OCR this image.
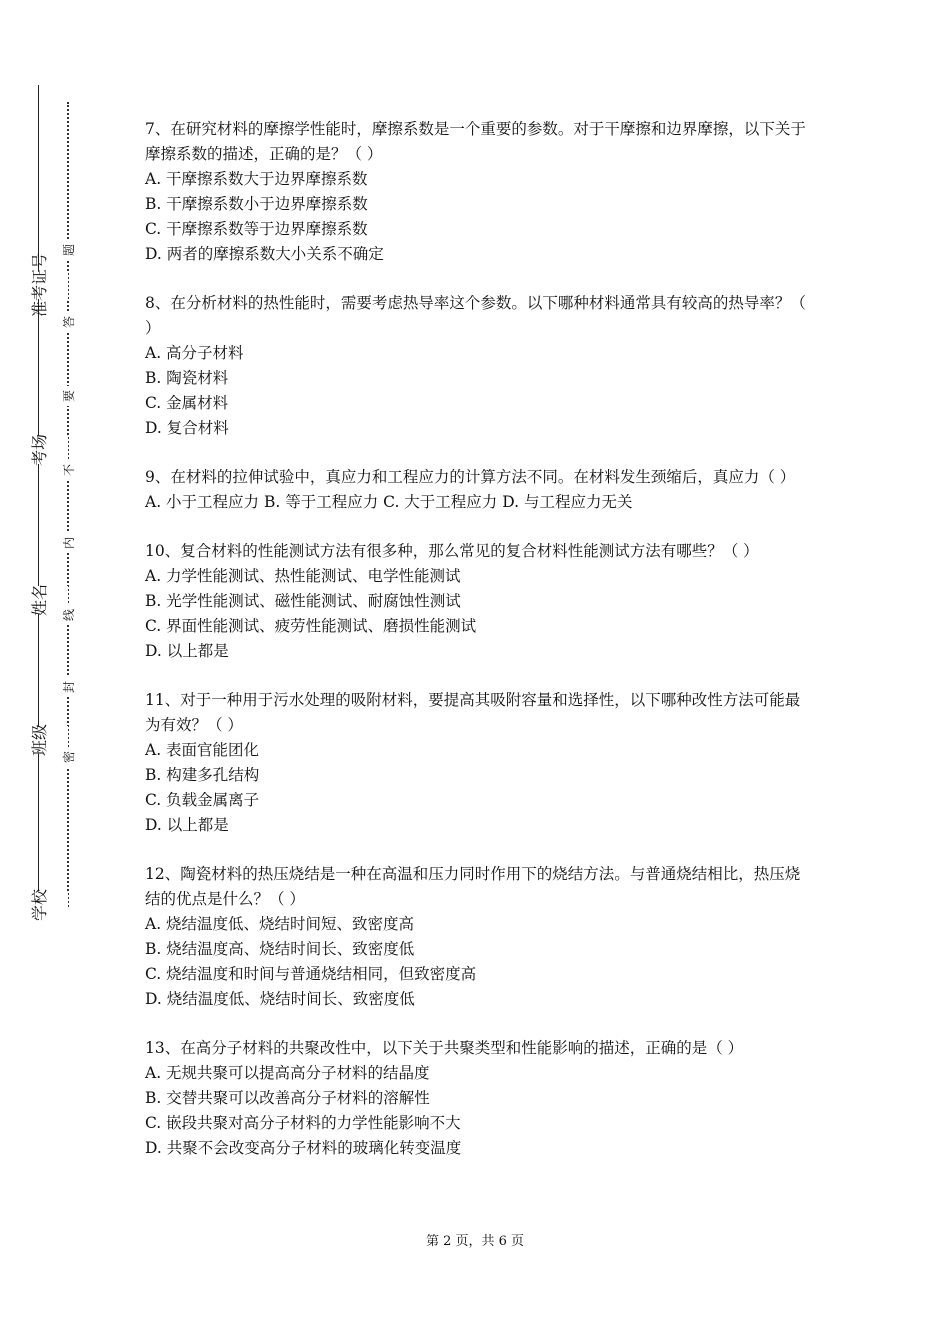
准考证号
考场
姓名
班级
学校
题
答
要
不
内
线
封
密

7、在研究材料的摩擦学性能时，摩擦系数是一个重要的参数。对于干摩擦和边界摩擦，以下关于摩擦系数的描述，正确的是？（ ）

A. 干摩擦系数大于边界摩擦系数

B. 干摩擦系数小于边界摩擦系数

C. 干摩擦系数等于边界摩擦系数

D. 两者的摩擦系数大小关系不确定

8、在分析材料的热性能时，需要考虑热导率这个参数。以下哪种材料通常具有较高的热导率？（ ）

A. 高分子材料

B. 陶瓷材料

C. 金属材料

D. 复合材料

9、在材料的拉伸试验中，真应力和工程应力的计算方法不同。在材料发生颈缩后，真应力（ ）

A. 小于工程应力 B. 等于工程应力 C. 大于工程应力 D. 与工程应力无关

10、复合材料的性能测试方法有很多种，那么常见的复合材料性能测试方法有哪些？（ ）

A. 力学性能测试、热性能测试、电学性能测试

B. 光学性能测试、磁性能测试、耐腐蚀性测试

C. 界面性能测试、疲劳性能测试、磨损性能测试

D. 以上都是

11、对于一种用于污水处理的吸附材料，要提高其吸附容量和选择性，以下哪种改性方法可能最为有效？（ ）

A. 表面官能团化

B. 构建多孔结构

C. 负载金属离子

D. 以上都是

12、陶瓷材料的热压烧结是一种在高温和压力同时作用下的烧结方法。与普通烧结相比，热压烧结的优点是什么？（ ）

A. 烧结温度低、烧结时间短、致密度高

B. 烧结温度高、烧结时间长、致密度低

C. 烧结温度和时间与普通烧结相同，但致密度高

D. 烧结温度低、烧结时间长、致密度低

13、在高分子材料的共聚改性中，以下关于共聚类型和性能影响的描述，正确的是（ ）

A. 无规共聚可以提高高分子材料的结晶度

B. 交替共聚可以改善高分子材料的溶解性

C. 嵌段共聚对高分子材料的力学性能影响不大

D. 共聚不会改变高分子材料的玻璃化转变温度

第 2 页，共 6 页
